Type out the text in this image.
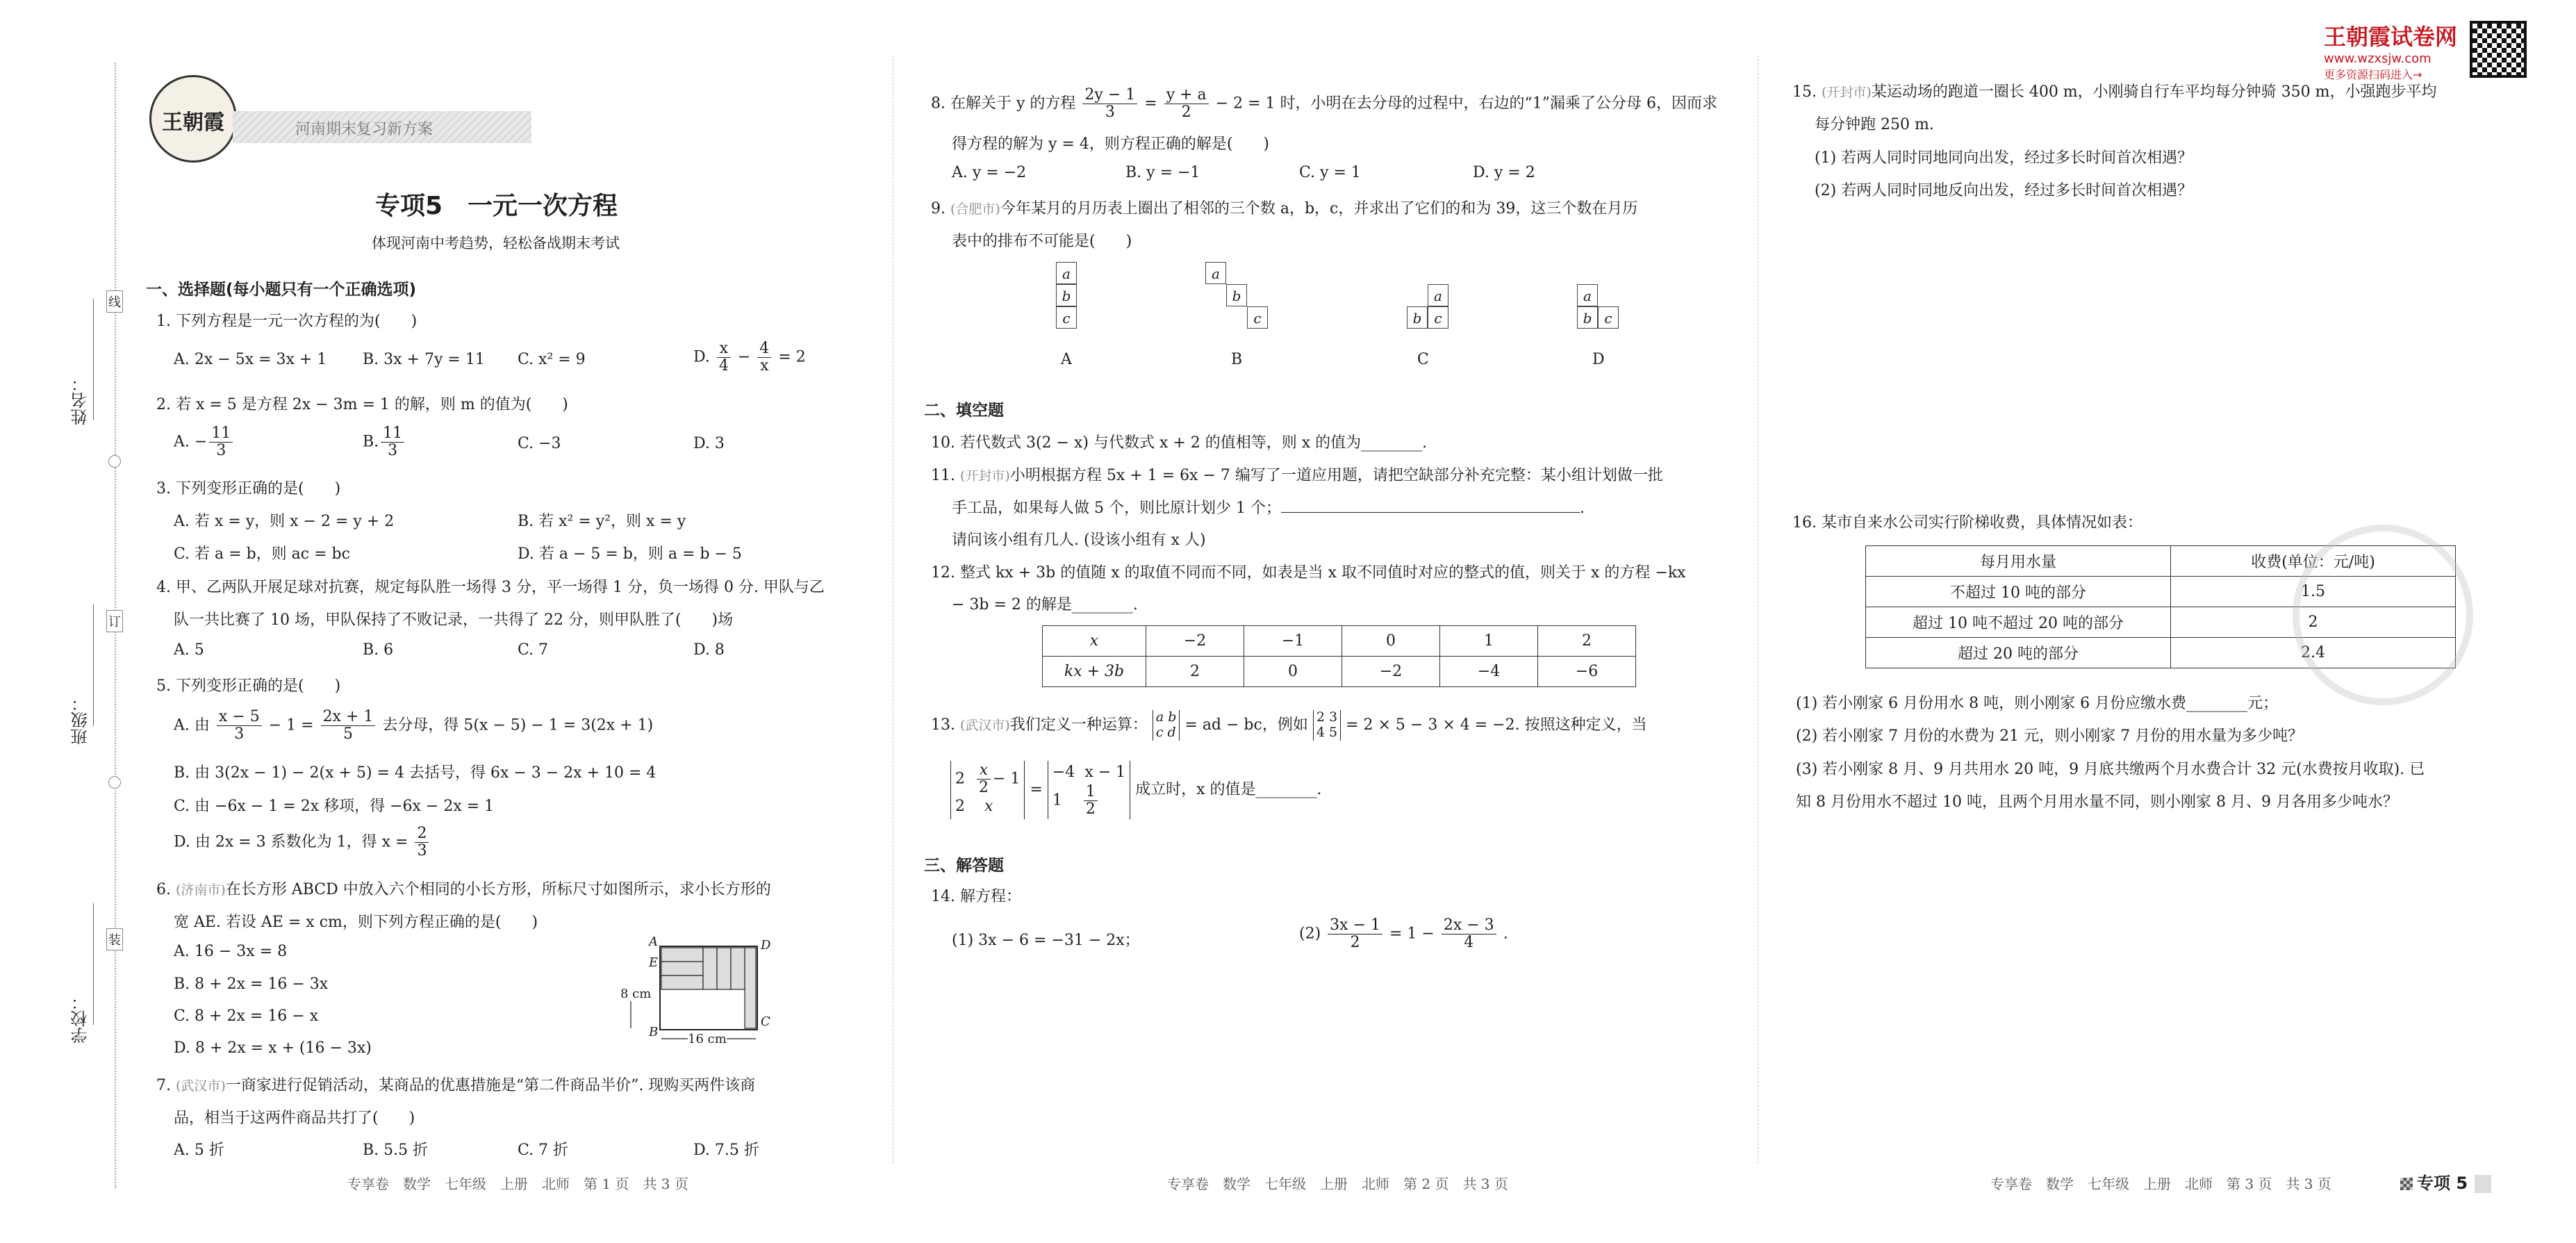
姓名：
班级：
学校：
线
订
装
王朝霞	河南期末复习新方案
专项5　一元一次方程
体现河南中考趋势，轻松备战期末考试
王朝霞试卷网
www.wzxsjw.com
更多资源扫码进入→
一、选择题(每小题只有一个正确选项)
1. 下列方程是一元一次方程的为(　　)
A. 2x − 5x = 3x + 1 B. 3x + 7y = 11 C. x² = 9	D. $\frac{x}{4} - \frac{4}{x} = 2$
2. 若 x = 5 是方程 2x − 3m = 1 的解，则 m 的值为(　　)
A. − $\frac{11}{3}$	B. $\frac{11}{3}$	C. −3	D. 3
3. 下列变形正确的是(　　)
A. 若 x = y，则 x − 2 = y + 2	B. 若 x² = y²，则 x = y
C. 若 a = b，则 ac = bc	D. 若 a − 5 = b，则 a = b − 5
4. 甲、乙两队开展足球对抗赛，规定每队胜一场得 3 分，平一场得 1 分，负一场得 0 分. 甲队与乙
队一共比赛了 10 场，甲队保持了不败记录，一共得了 22 分，则甲队胜了(　　)场
A. 5	B. 6	C. 7	D. 8
5. 下列变形正确的是(　　)
A. 由 $\frac{x - 5}{3} - 1 = \frac{2x + 1}{5}$ 去分母，得 5(x − 5) − 1 = 3(2x + 1)
B. 由 3(2x − 1) − 2(x + 5) = 4 去括号，得 6x − 3 − 2x + 10 = 4
C. 由 −6x − 1 = 2x 移项，得 −6x − 2x = 1
D. 由 2x = 3 系数化为 1，得 $x = \frac{2}{3}$
6. (济南市)在长方形 ABCD 中放入六个相同的小长方形，所标尺寸如图所示，求小长方形的
宽 AE. 若设 AE = x cm，则下列方程正确的是(　　)
A. 16 − 3x = 8
B. 8 + 2x = 16 − 3x
C. 8 + 2x = 16 − x
D. 8 + 2x = x + (16 − 3x)
A
E
B
D
C
8 cm
16 cm
7. (武汉市)一商家进行促销活动，某商品的优惠措施是“第二件商品半价”. 现购买两件该商
品，相当于这两件商品共打了(　　)
A. 5 折	B. 5.5 折	C. 7 折	D. 7.5 折
专享卷　数学　七年级　上册　北师　第 1 页　共 3 页
8. 在解关于 y 的方程 $\frac{2y - 1}{3} = \frac{y + a}{2} - 2 = 1$ 时，小明在去分母的过程中，右边的“1”漏乘了公分母 6，因而求
得方程的解为 y = 4，则方程正确的解是(　　)
A. y = −2	B. y = −1	C. y = 1	D. y = 2
9. (合肥市)今年某月的月历表上圈出了相邻的三个数 a，b，c，并求出了它们的和为 39，这三个数在月历
表中的排布不可能是(　　)
a
b
c
a
b
c
a
b c
a
b c
A	B	C	D
二、填空题
10. 若代数式 3(2 − x) 与代数式 x + 2 的值相等，则 x 的值为________.
11. (开封市)小明根据方程 5x + 1 = 6x − 7 编写了一道应用题，请把空缺部分补充完整：某小组计划做一批
手工品，如果每人做 5 个，则比原计划少 1 个；	.
请问该小组有几人. (设该小组有 x 人)
12. 整式 kx + 3b 的值随 x 的取值不同而不同，如表是当 x 取不同值时对应的整式的值，则关于 x 的方程 −kx
− 3b = 2 的解是________.
x	−2	−1	0	1	2
kx + 3b	2	0	−2	−4	−6
13. (武汉市)我们定义一种运算： a b
c d = ad − bc，例如 2 3
4 5 = 2 × 5 − 3 × 4 = −2. 按照这种定义，当
$2 \frac{x}{2} - 1$
2 x = −4 x − 1
$1 \frac{1}{2}$ 成立时，x 的值是________.
三、解答题
14. 解方程：
(1) 3x − 6 = −31 − 2x；	$(2) \frac{3x - 1}{2} = 1 - \frac{2x - 3}{4}$ .
专享卷　数学　七年级　上册　北师　第 2 页　共 3 页
15. (开封市)某运动场的跑道一圈长 400 m，小刚骑自行车平均每分钟骑 350 m，小强跑步平均
每分钟跑 250 m.
(1) 若两人同时同地同向出发，经过多长时间首次相遇？
(2) 若两人同时同地反向出发，经过多长时间首次相遇？
16. 某市自来水公司实行阶梯收费，具体情况如表：
每月用水量	收费(单位：元/吨)
不超过 10 吨的部分	1.5
超过 10 吨不超过 20 吨的部分	2
超过 20 吨的部分	2.4
(1) 若小刚家 6 月份用水 8 吨，则小刚家 6 月份应缴水费________元；
(2) 若小刚家 7 月份的水费为 21 元，则小刚家 7 月份的用水量为多少吨？
(3) 若小刚家 8 月、9 月共用水 20 吨，9 月底共缴两个月水费合计 32 元(水费按月收取). 已
知 8 月份用水不超过 10 吨，且两个月用水量不同，则小刚家 8 月、9 月各用多少吨水？
专享卷　数学　七年级　上册　北师　第 3 页　共 3 页	专项 5
